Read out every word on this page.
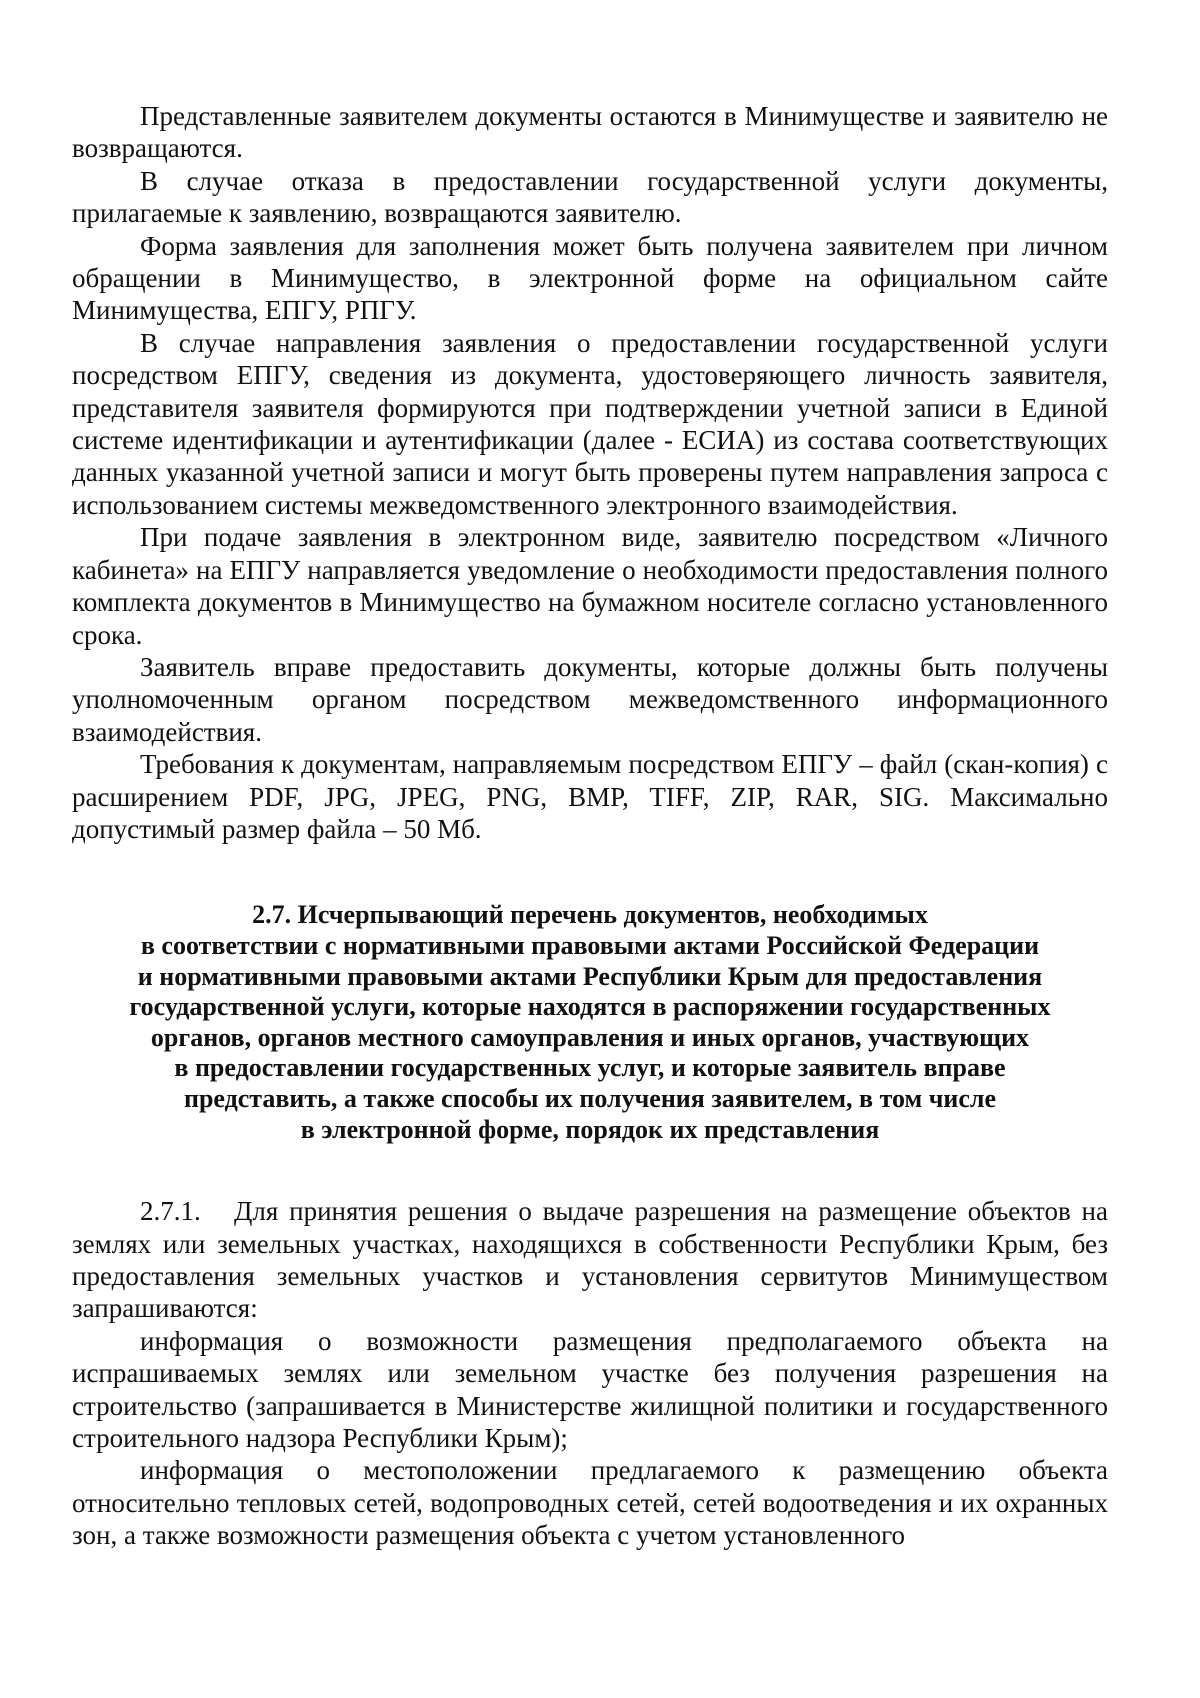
Представленные заявителем документы остаются в Минимуществе и заявителю не возвращаются.

В случае отказа в предоставлении государственной услуги документы, прилагаемые к заявлению, возвращаются заявителю.

Форма заявления для заполнения может быть получена заявителем при личном обращении в Минимущество, в электронной форме на официальном сайте Минимущества, ЕПГУ, РПГУ.

В случае направления заявления о предоставлении государственной услуги посредством ЕПГУ, сведения из документа, удостоверяющего личность заявителя, представителя заявителя формируются при подтверждении учетной записи в Единой системе идентификации и аутентификации (далее - ЕСИА) из состава соответствующих данных указанной учетной записи и могут быть проверены путем направления запроса с использованием системы межведомственного электронного взаимодействия.

При подаче заявления в электронном виде, заявителю посредством «Личного кабинета» на ЕПГУ направляется уведомление о необходимости предоставления полного комплекта документов в Минимущество на бумажном носителе согласно установленного срока.

Заявитель вправе предоставить документы, которые должны быть получены уполномоченным органом посредством межведомственного информационного взаимодействия.

Требования к документам, направляемым посредством ЕПГУ – файл (скан-копия) с расширением PDF, JPG, JPEG, PNG, BMP, TIFF, ZIP, RAR, SIG. Максимально допустимый размер файла – 50 Мб.

2.7. Исчерпывающий перечень документов, необходимых
в соответствии с нормативными правовыми актами Российской Федерации
и нормативными правовыми актами Республики Крым для предоставления
государственной услуги, которые находятся в распоряжении государственных
органов, органов местного самоуправления и иных органов, участвующих
в предоставлении государственных услуг, и которые заявитель вправе
представить, а также способы их получения заявителем, в том числе
в электронной форме, порядок их представления

2.7.1. Для принятия решения о выдаче разрешения на размещение объектов на землях или земельных участках, находящихся в собственности Республики Крым, без предоставления земельных участков и установления сервитутов Минимуществом запрашиваются:

информация о возможности размещения предполагаемого объекта на испрашиваемых землях или земельном участке без получения разрешения на строительство (запрашивается в Министерстве жилищной политики и государственного строительного надзора Республики Крым);

информация о местоположении предлагаемого к размещению объекта относительно тепловых сетей, водопроводных сетей, сетей водоотведения и их охранных зон, а также возможности размещения объекта с учетом установленного
